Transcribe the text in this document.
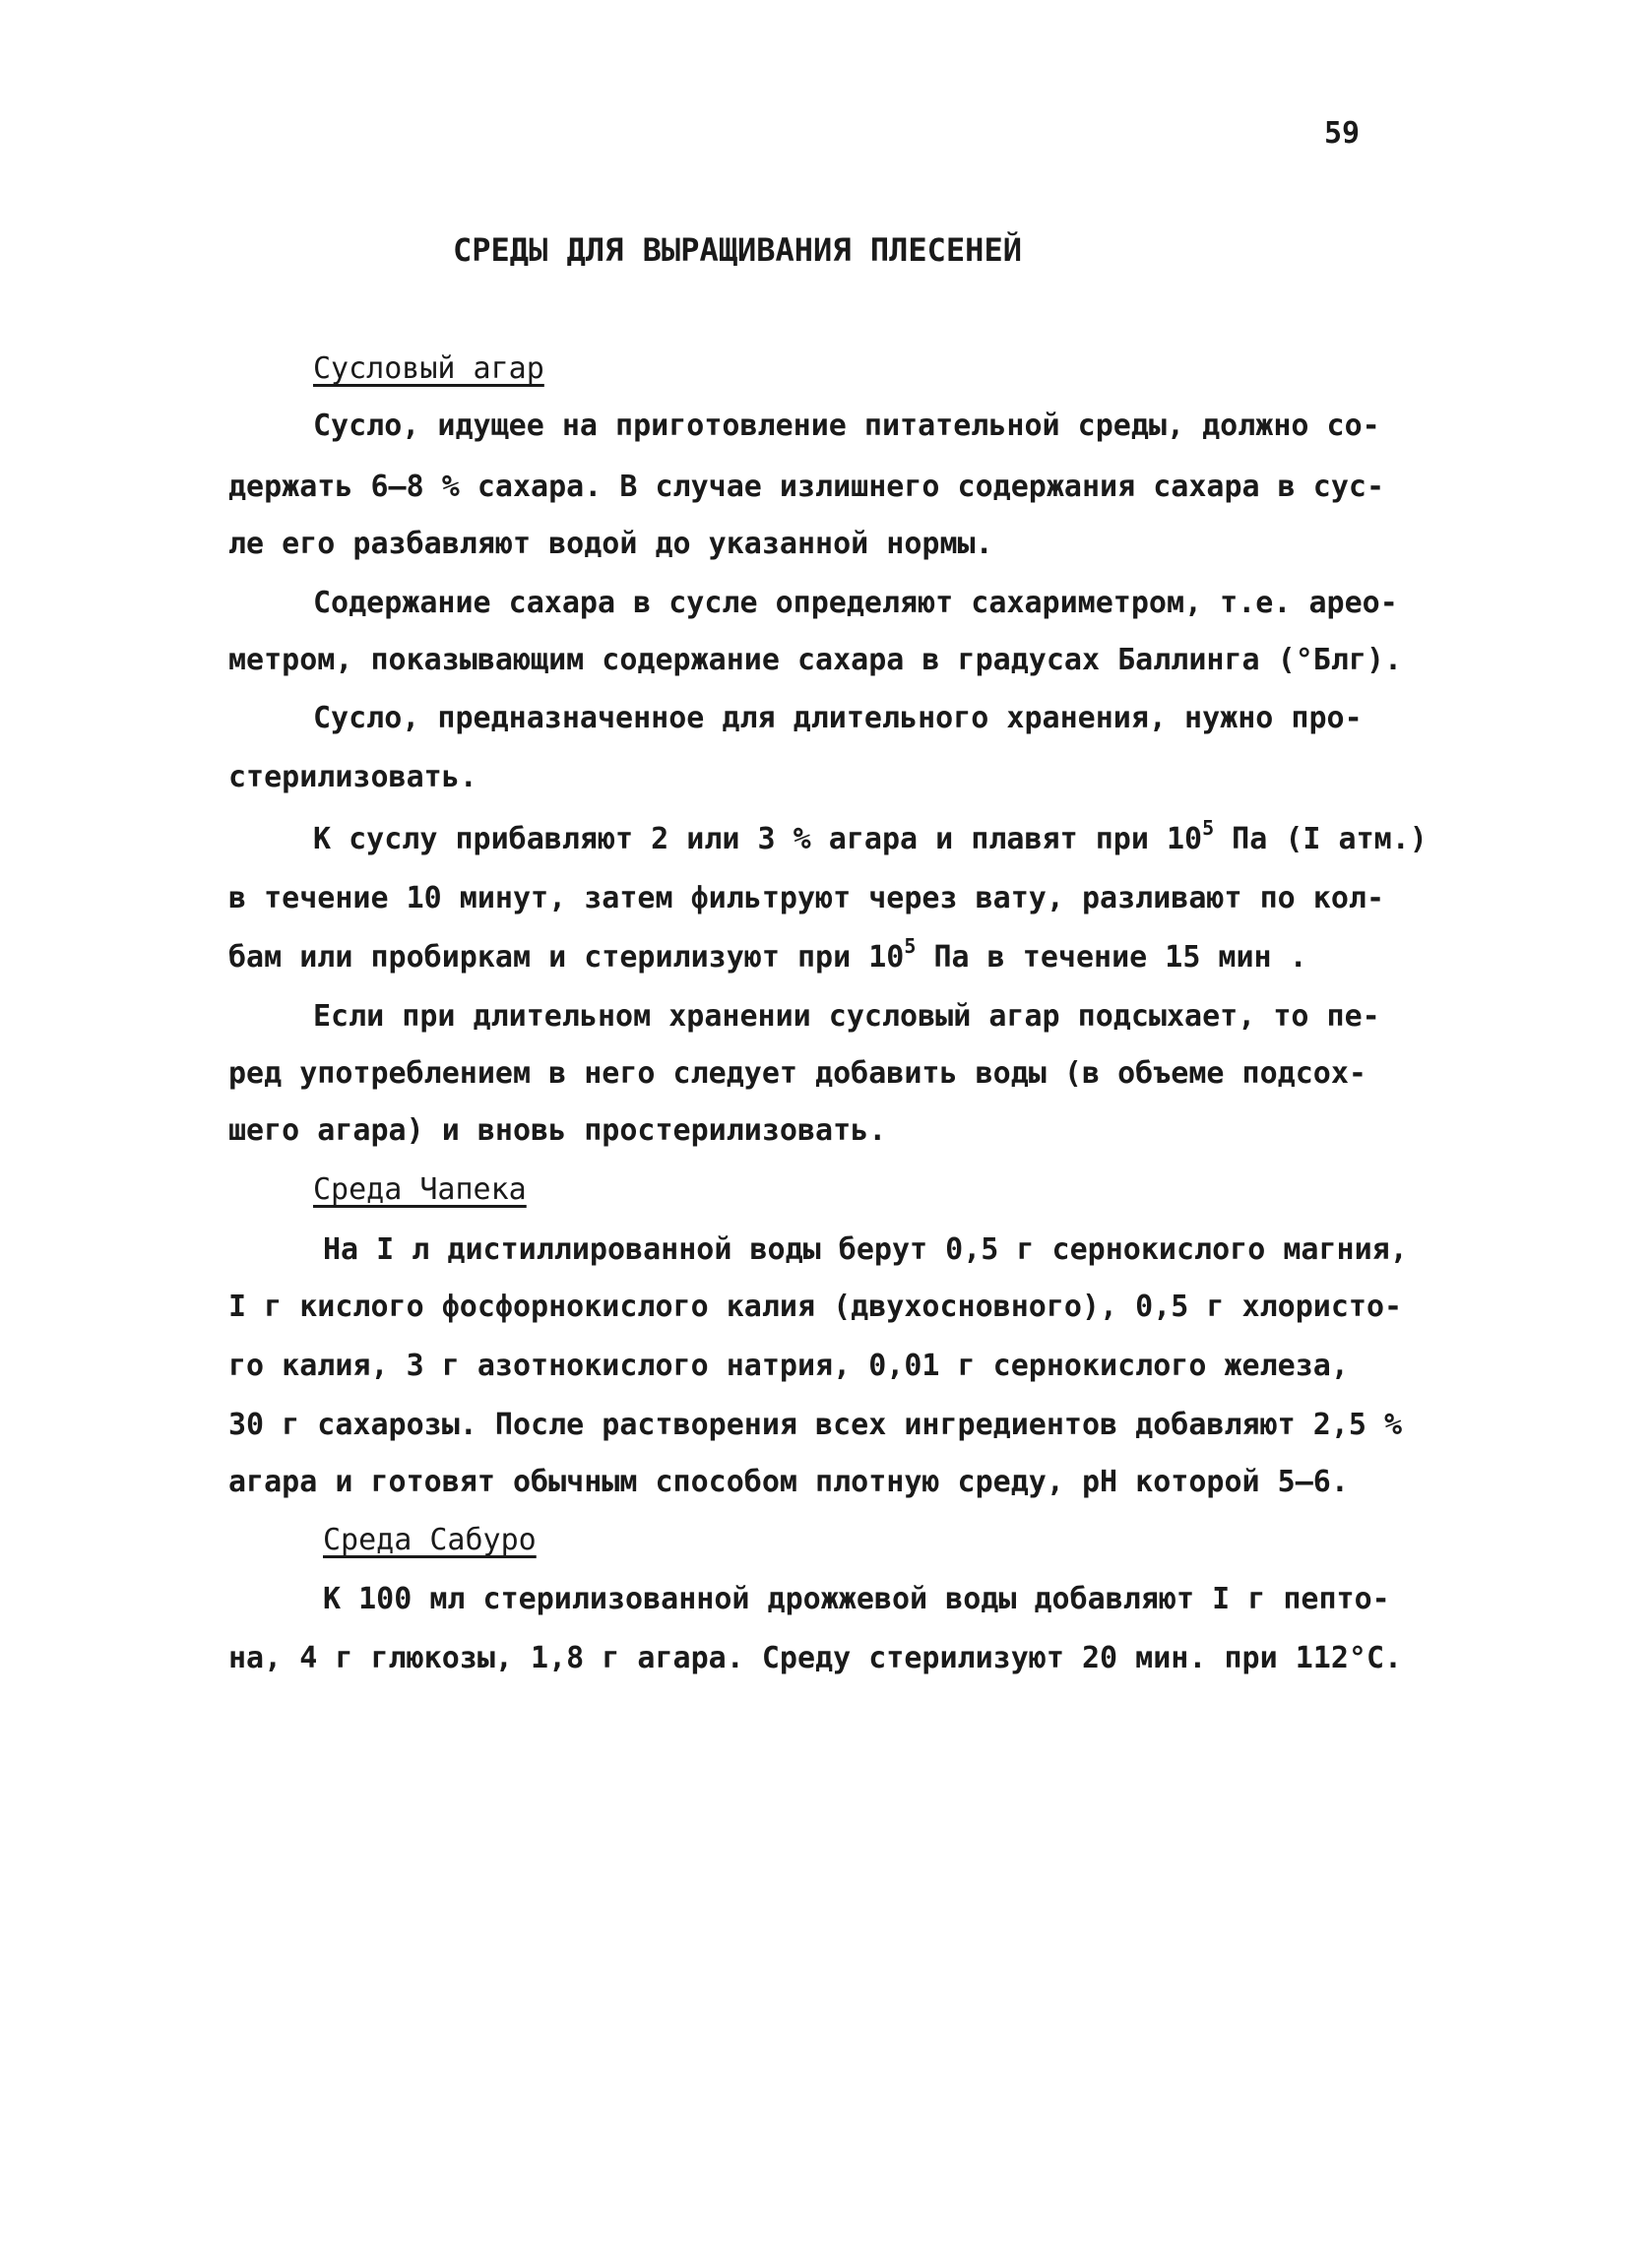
59
СРЕДЫ ДЛЯ ВЫРАЩИВАНИЯ ПЛЕСЕНЕЙ
Суcловый агар
Сусло, идущее на приготовление питательной среды, должно со-
держать 6–8 % сахара. В случае излишнего содержания сахара в сус-
ле его разбавляют водой до указанной нормы.
Содержание сахара в сусле определяют сахариметром, т.е. арео-
метром, показывающим содержание сахара в градусах Баллинга (°Блг).
Сусло, предназначенное для длительного хранения, нужно про-
стерилизовать.
К суслу прибавляют 2 или 3 % агара и плавят при $10^5$ Па (I атм.)
в течение 10 минут, затем фильтруют через вату, разливают по кол-
бам или пробиркам и стерилизуют при $10^5$ Па в течение 15 мин .
Если при длительном хранении сусловый агар подсыхает, то пе-
ред употреблением в него следует добавить воды (в объеме подсох-
шего агара) и вновь простерилизовать.
Среда Чапека
На I л дистиллированной воды берут 0,5 г сернокислого магния,
I г кислого фосфорнокислого калия (двухосновного), 0,5 г хлористо-
го калия, 3 г азотнокислого натрия, 0,01 г сернокислого железа,
30 г сахарозы. После растворения всех ингредиентов добавляют 2,5 %
агара и готовят обычным способом плотную среду, pH которой 5–6.
Среда Сабуро
К 100 мл стерилизованной дрожжевой воды добавляют I г пепто-
на, 4 г глюкозы, 1,8 г агара. Среду стерилизуют 20 мин. при 112°С.
